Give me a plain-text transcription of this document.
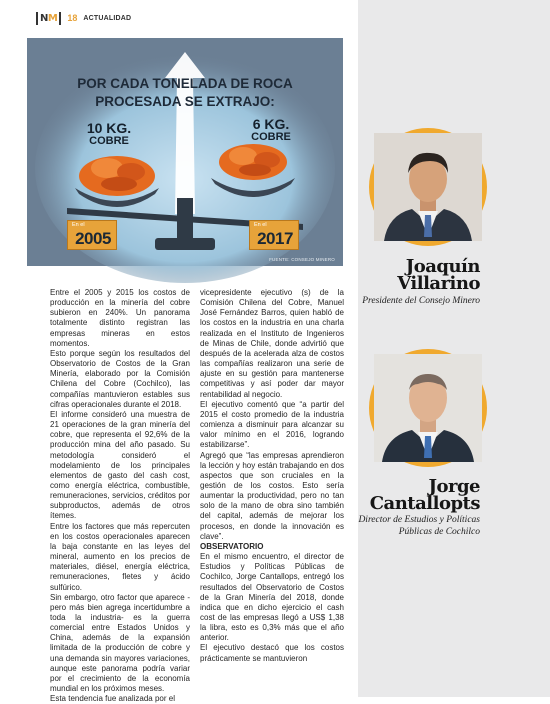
NM	18 ACTUALIDAD
POR CADA TONELADA DE ROCA
PROCESADA SE EXTRAJO:
10 KG.
COBRE
6 KG.
COBRE
En el
2005
En el
2017
FUENTE: CONSEJO MINERO

Entre el 2005 y 2015 los costos de producción en la minería del cobre subieron en 240%. Un panorama totalmente distinto registran las empresas mineras en estos momentos.

Esto porque según los resultados del Observatorio de Costos de la Gran Minería, elaborado por la Comisión Chilena del Cobre (Cochilco), las compañías mantuvieron estables sus cifras operacionales durante el 2018.

El informe consideró una muestra de 21 operaciones de la gran minería del cobre, que representa el 92,6% de la producción mina del año pasado. Su metodología consideró el modelamiento de los principales elementos de gasto del cash cost, como energía eléctrica, combustible, remuneraciones, servicios, créditos por subproductos, además de otros ítemes.

Entre los factores que más repercuten en los costos operacionales aparecen la baja constante en las leyes del mineral, aumento en los precios de materiales, diésel, energía eléctrica, remuneraciones, fletes y ácido sulfúrico.

Sin embargo, otro factor que aparece -pero más bien agrega incertidumbre a toda la industria- es la guerra comercial entre Estados Unidos y China, además de la expansión limitada de la producción de cobre y una demanda sin mayores variaciones, aunque este panorama podría variar por el crecimiento de la economía mundial en los próximos meses.

Esta tendencia fue analizada por el

vicepresidente ejecutivo (s) de la Comisión Chilena del Cobre, Manuel José Fernández Barros, quien habló de los costos en la industria en una charla realizada en el Instituto de Ingenieros de Minas de Chile, donde advirtió que después de la acelerada alza de costos las compañías realizaron una serie de ajuste en su gestión para mantenerse competitivas y así poder dar mayor rentabilidad al negocio.

El ejecutivo comentó que “a partir del 2015 el costo promedio de la industria comienza a disminuir para alcanzar su valor mínimo en el 2016, logrando estabilizarse”.

Agregó que “las empresas aprendieron la lección y hoy están trabajando en dos aspectos que son cruciales en la gestión de los costos. Esto sería aumentar la productividad, pero no tan solo de la mano de obra sino también del capital, además de mejorar los procesos, en donde la innovación es clave”.

OBSERVATORIO

En el mismo encuentro, el director de Estudios y Políticas Públicas de Cochilco, Jorge Cantallops, entregó los resultados del Observatorio de Costos de la Gran Minería del 2018, donde indica que en dicho ejercicio el cash cost de las empresas llegó a US$ 1,38 la libra, esto es 0,3% más que el año anterior.

El ejecutivo destacó que los costos prácticamente se mantuvieron

Joaquín
Villarino
Presidente del Consejo Minero
Jorge
Cantallopts
Director de Estudios y Políticas Públicas de Cochilco
